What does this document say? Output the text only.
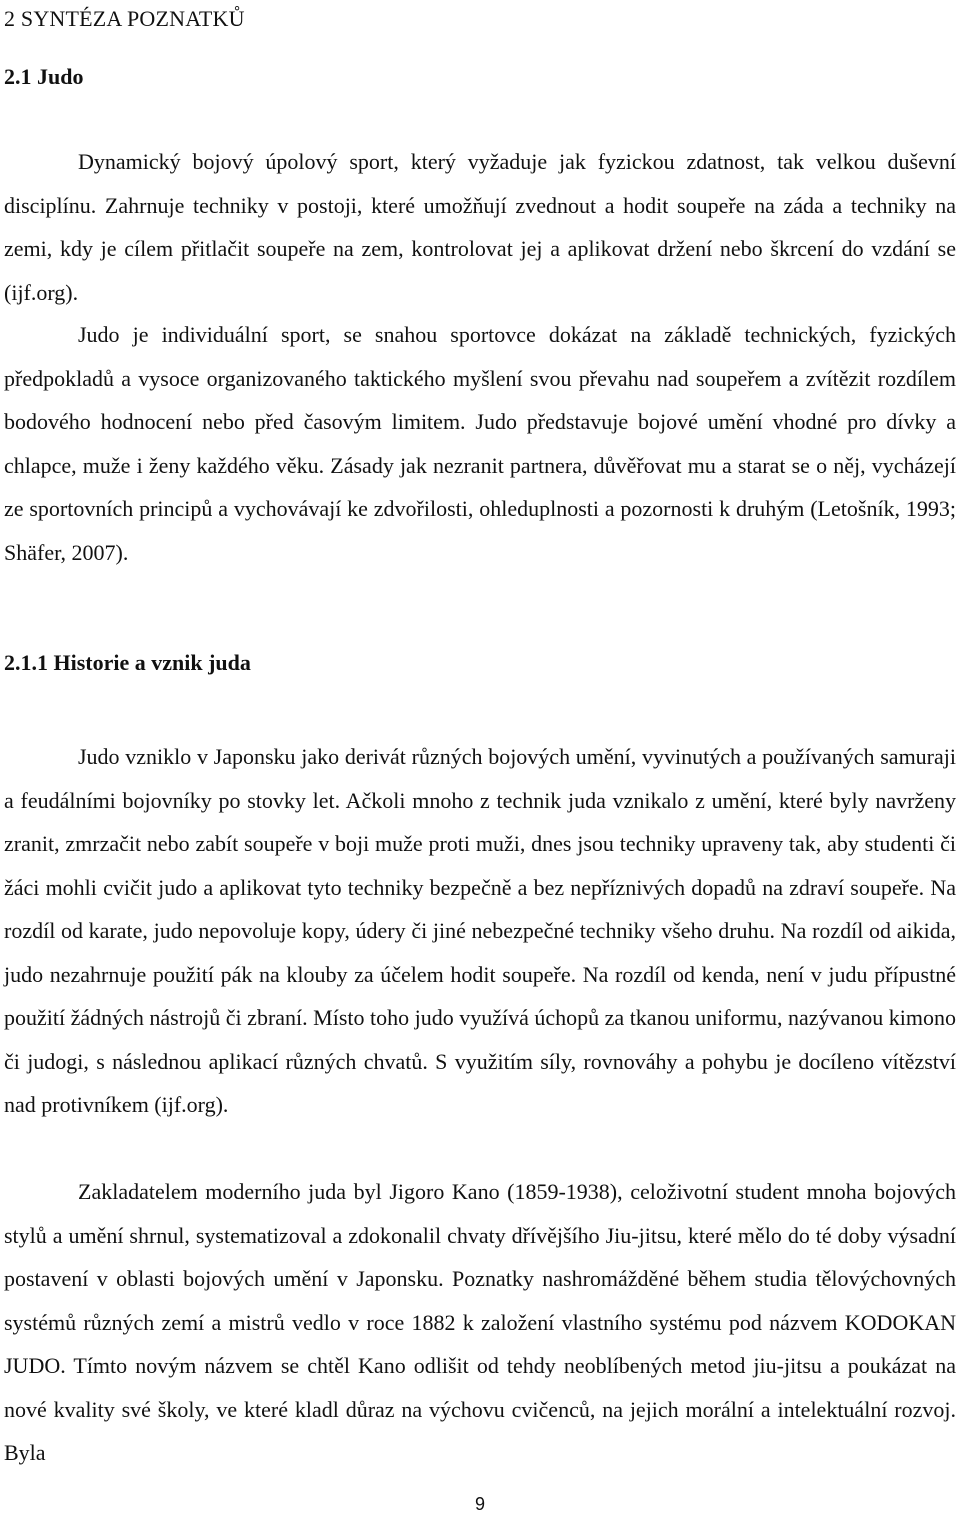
2 SYNTÉZA POZNATKŮ
2.1 Judo
Dynamický bojový úpolový sport, který vyžaduje jak fyzickou zdatnost, tak velkou duševní disciplínu. Zahrnuje techniky v postoji, které umožňují zvednout a hodit soupeře na záda a techniky na zemi, kdy je cílem přitlačit soupeře na zem, kontrolovat jej a aplikovat držení nebo škrcení do vzdání se (ijf.org).
Judo je individuální sport, se snahou sportovce dokázat na základě technických, fyzických předpokladů a vysoce organizovaného taktického myšlení svou převahu nad soupeřem a zvítězit rozdílem bodového hodnocení nebo před časovým limitem. Judo představuje bojové umění vhodné pro dívky a chlapce, muže i ženy každého věku. Zásady jak nezranit partnera, důvěřovat mu a starat se o něj, vycházejí ze sportovních principů a vychovávají ke zdvořilosti, ohleduplnosti a pozornosti k druhým (Letošník, 1993; Shäfer, 2007).
2.1.1 Historie a vznik juda
Judo vzniklo v Japonsku jako derivát různých bojových umění, vyvinutých a používaných samuraji a feudálními bojovníky po stovky let. Ačkoli mnoho z technik juda vznikalo z umění, které byly navrženy zranit, zmrzačit nebo zabít soupeře v boji muže proti muži, dnes jsou techniky upraveny tak, aby studenti či žáci mohli cvičit judo a aplikovat tyto techniky bezpečně a bez nepříznivých dopadů na zdraví soupeře. Na rozdíl od karate, judo nepovoluje kopy, údery či jiné nebezpečné techniky všeho druhu. Na rozdíl od aikida, judo nezahrnuje použití pák na klouby za účelem hodit soupeře. Na rozdíl od kenda, není v judu přípustné použití žádných nástrojů či zbraní. Místo toho judo využívá úchopů za tkanou uniformu, nazývanou kimono či judogi, s následnou aplikací různých chvatů. S využitím síly, rovnováhy a pohybu je docíleno vítězství nad protivníkem (ijf.org).
Zakladatelem moderního juda byl Jigoro Kano (1859-1938), celoživotní student mnoha bojových stylů a umění shrnul, systematizoval a zdokonalil chvaty dřívějšího Jiu-jitsu, které mělo do té doby výsadní postavení v oblasti bojových umění v Japonsku. Poznatky nashromážděné během studia tělovýchovných systémů různých zemí a mistrů vedlo v roce 1882 k založení vlastního systému pod názvem KODOKAN JUDO. Tímto novým názvem se chtěl Kano odlišit od tehdy neoblíbených metod jiu-jitsu a poukázat na nové kvality své školy, ve které kladl důraz na výchovu cvičenců, na jejich morální a intelektuální rozvoj. Byla
9
